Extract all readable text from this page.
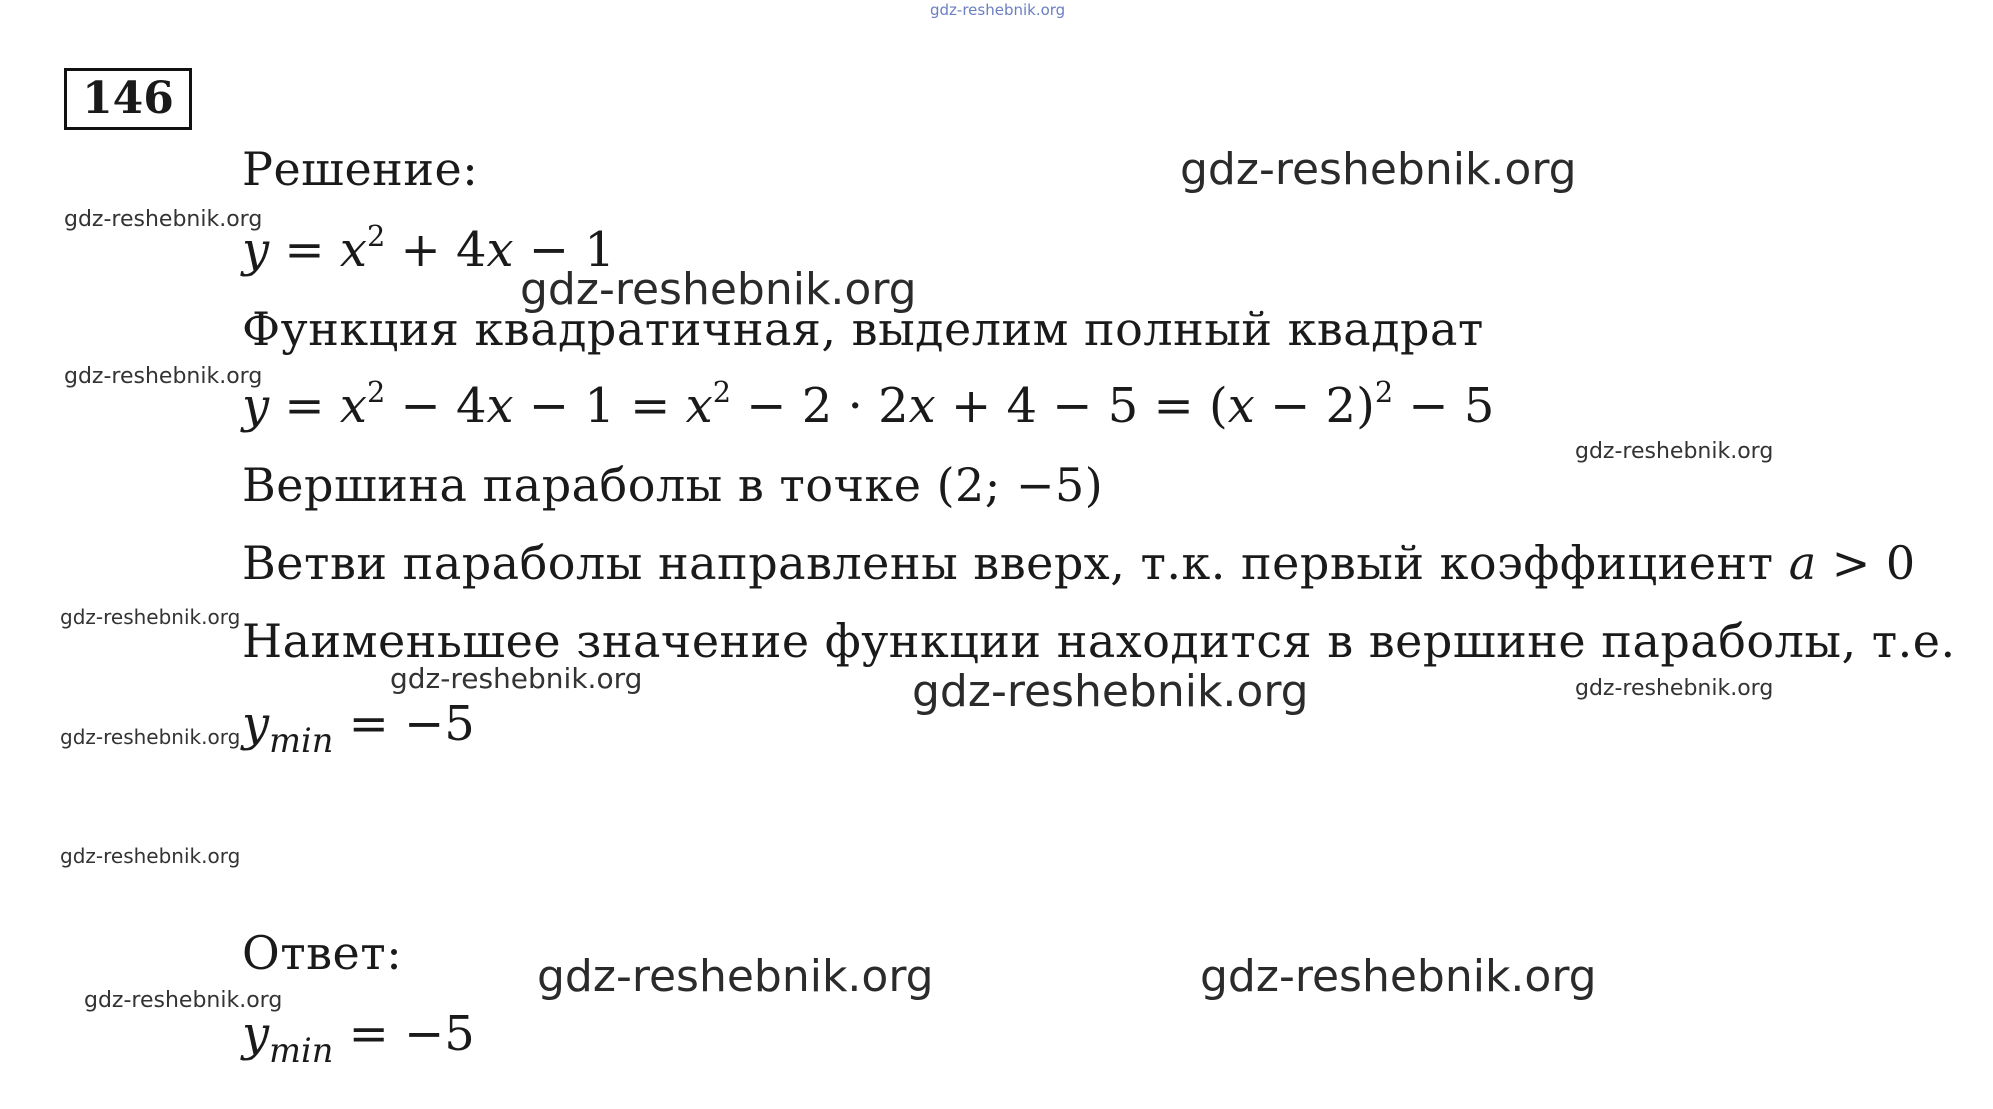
gdz-reshebnik.org
146
Решение:	gdz-reshebnik.org
gdz-reshebnik.org
$y = x^2 + 4x - 1$
gdz-reshebnik.org
Функция квадратичная, выделим полный квадрат
gdz-reshebnik.org
$y = x^2 - 4x - 1 = x^2 - 2 \cdot 2x + 4 - 5 = (x - 2)^2 - 5$
gdz-reshebnik.org
Вершина параболы в точке (2; −5)
Ветви параболы направлены вверх, т.к. первый коэффициент a > 0
gdz-reshebnik.org Наименьшее значение функции находится в вершине параболы, т.е.
gdz-reshebnik.org	gdz-reshebnik.org	gdz-reshebnik.org
gdz-reshebnik.org $y_{min} = -5$
gdz-reshebnik.org
Ответ:	gdz-reshebnik.org	gdz-reshebnik.org
gdz-reshebnik.org
$y_{min} = -5$
